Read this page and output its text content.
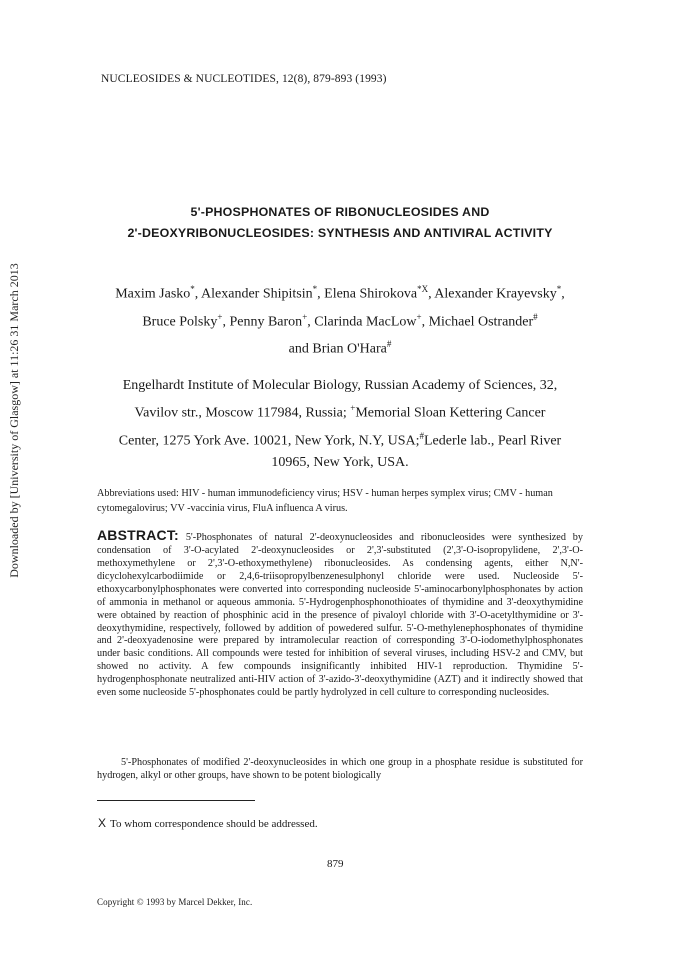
Downloaded by [University of Glasgow] at 11:26 31 March 2013
NUCLEOSIDES & NUCLEOTIDES, 12(8), 879-893 (1993)
5'-PHOSPHONATES OF RIBONUCLEOSIDES AND
2'-DEOXYRIBONUCLEOSIDES: SYNTHESIS AND ANTIVIRAL ACTIVITY
Maxim Jasko*, Alexander Shipitsin*, Elena Shirokova$^{*X}$, Alexander Krayevsky*,
Bruce Polsky+, Penny Baron+, Clarinda MacLow+, Michael Ostrander#
and Brian O'Hara#
Engelhardt Institute of Molecular Biology, Russian Academy of Sciences, 32,
Vavilov str., Moscow 117984, Russia; +Memorial Sloan Kettering Cancer
Center, 1275 York Ave. 10021, New York, N.Y, USA;#Lederle lab., Pearl River
10965, New York, USA.

Abbreviations used: HIV - human immunodeficiency virus; HSV - human herpes symplex virus; CMV - human cytomegalovirus; VV -vaccinia virus, FluA influenca A virus.

ABSTRACT: 5'-Phosphonates of natural 2'-deoxynucleosides and ribonucleosides were synthesized by condensation of 3'-O-acylated 2'-deoxynucleosides or 2',3'-substituted (2',3'-O-isopropylidene, 2',3'-O-methoxymethylene or 2',3'-O-ethoxymethylene) ribonucleosides. As condensing agents, either N,N'-dicyclohexylcarbodiimide or 2,4,6-triisopropylbenzenesulphonyl chloride were used. Nucleoside 5'-ethoxycarbonylphosphonates were converted into corresponding nucleoside 5'-aminocarbonylphosphonates by action of ammonia in methanol or aqueous ammonia. 5'-Hydrogenphosphonothioates of thymidine and 3'-deoxythymidine were obtained by reaction of phosphinic acid in the presence of pivaloyl chloride with 3'-O-acetylthymidine or 3'-deoxythymidine, respectively, followed by addition of powedered sulfur. 5'-O-methylenephosphonates of thymidine and 2'-deoxyadenosine were prepared by intramolecular reaction of corresponding 3'-O-iodomethylphosphonates under basic conditions. All compounds were tested for inhibition of several viruses, including HSV-2 and CMV, but showed no activity. A few compounds insignificantly inhibited HIV-1 reproduction. Thymidine 5'-hydrogenphosphonate neutralized anti-HIV action of 3'-azido-3'-deoxythymidine (AZT) and it indirectly showed that even some nucleoside 5'-phosphonates could be partly hydrolyzed in cell culture to corresponding nucleosides.

5'-Phosphonates of modified 2'-deoxynucleosides in which one group in a phosphate residue is substituted for hydrogen, alkyl or other groups, have shown to be potent biologically

X To whom correspondence should be addressed.
879
Copyright © 1993 by Marcel Dekker, Inc.
